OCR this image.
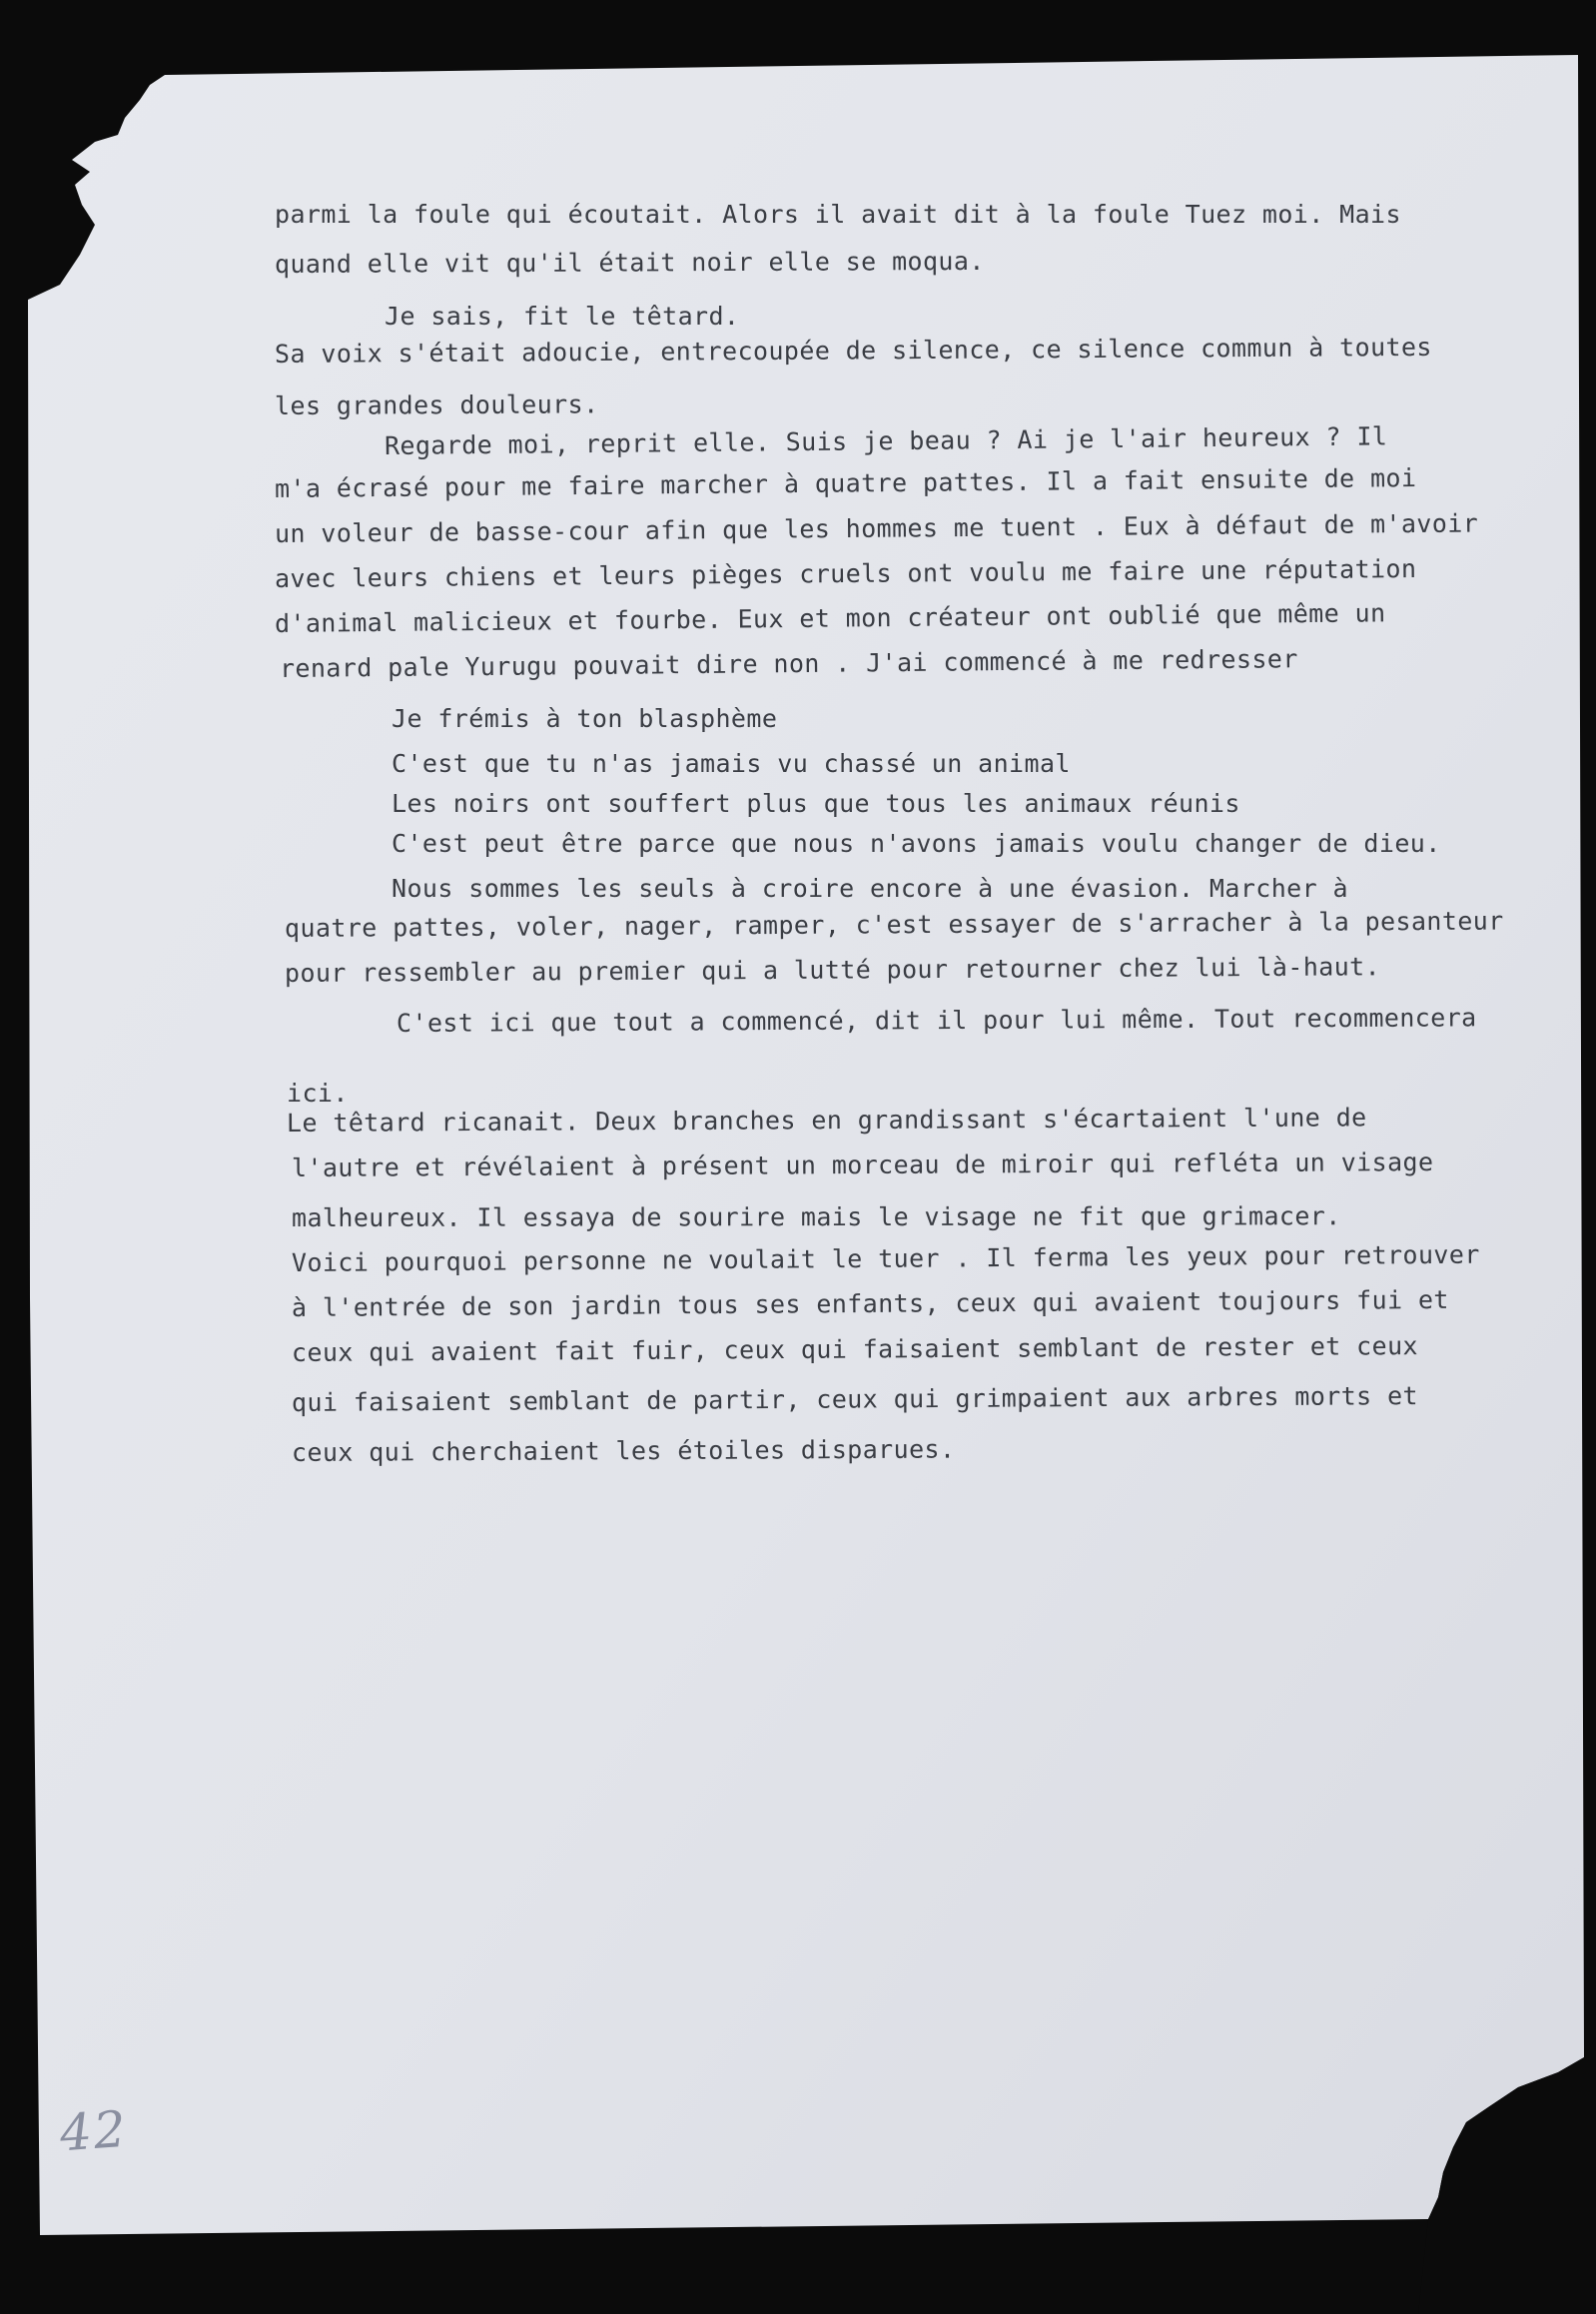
parmi la foule qui écoutait. Alors il avait dit à la foule Tuez moi. Mais
quand elle vit qu'il était noir elle se moqua.
Je sais, fit le têtard.
Sa voix s'était adoucie, entrecoupée de silence, ce silence commun à toutes
les grandes douleurs.
Regarde moi, reprit elle. Suis je beau ? Ai je l'air heureux ? Il
m'a écrasé pour me faire marcher à quatre pattes. Il a fait ensuite de moi
un voleur de basse-cour afin que les hommes me tuent . Eux à défaut de m'avoir
avec leurs chiens et leurs pièges cruels ont voulu me faire une réputation
d'animal malicieux et fourbe. Eux et mon créateur ont oublié que même un
renard pale Yurugu pouvait dire non . J'ai commencé à me redresser
Je frémis à ton blasphème
C'est que tu n'as jamais vu chassé un animal
Les noirs ont souffert plus que tous les animaux réunis
C'est peut être parce que nous n'avons jamais voulu changer de dieu.
Nous sommes les seuls à croire encore à une évasion. Marcher à
quatre pattes, voler, nager, ramper, c'est essayer de s'arracher à la pesanteur
pour ressembler au premier qui a lutté pour retourner chez lui là-haut.
C'est ici que tout a commencé, dit il pour lui même. Tout recommencera
ici.
Le têtard ricanait. Deux branches en grandissant s'écartaient l'une de
l'autre et révélaient à présent un morceau de miroir qui refléta un visage
malheureux. Il essaya de sourire mais le visage ne fit que grimacer.
Voici pourquoi personne ne voulait le tuer . Il ferma les yeux pour retrouver
à l'entrée de son jardin tous ses enfants, ceux qui avaient toujours fui et
ceux qui avaient fait fuir, ceux qui faisaient semblant de rester et ceux
qui faisaient semblant de partir, ceux qui grimpaient aux arbres morts et
ceux qui cherchaient les étoiles disparues.
42
